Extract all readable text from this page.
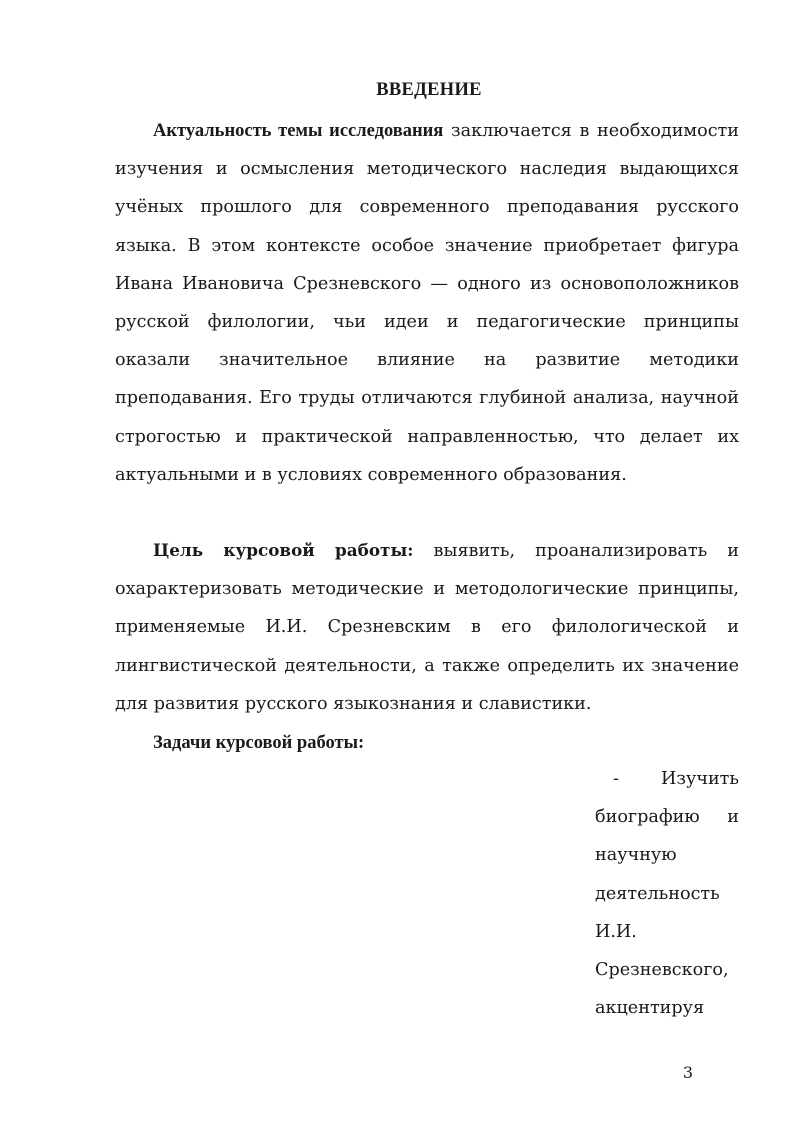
ВВЕДЕНИЕ

Актуальность темы исследования заключается в необходимости изучения и осмысления методического наследия выдающихся учёных прошлого для современного преподавания русского языка. В этом контексте особое значение приобретает фигура Ивана Ивановича Срезневского — одного из основоположников русской филологии, чьи идеи и педагогические принципы оказали значительное влияние на развитие методики преподавания. Его труды отличаются глубиной анализа, научной строгостью и практической направленностью, что делает их актуальными и в условиях современного образования.

Цель курсовой работы: выявить, проанализировать и охарактеризовать методические и методологические принципы, применяемые И.И. Срезневским в его филологической и лингвистической деятельности, а также определить их значение для развития русского языкознания и славистики.

Задачи курсовой работы:

- Изучить биографию и научную деятельность И.И. Срезневского, акцентируя

3
